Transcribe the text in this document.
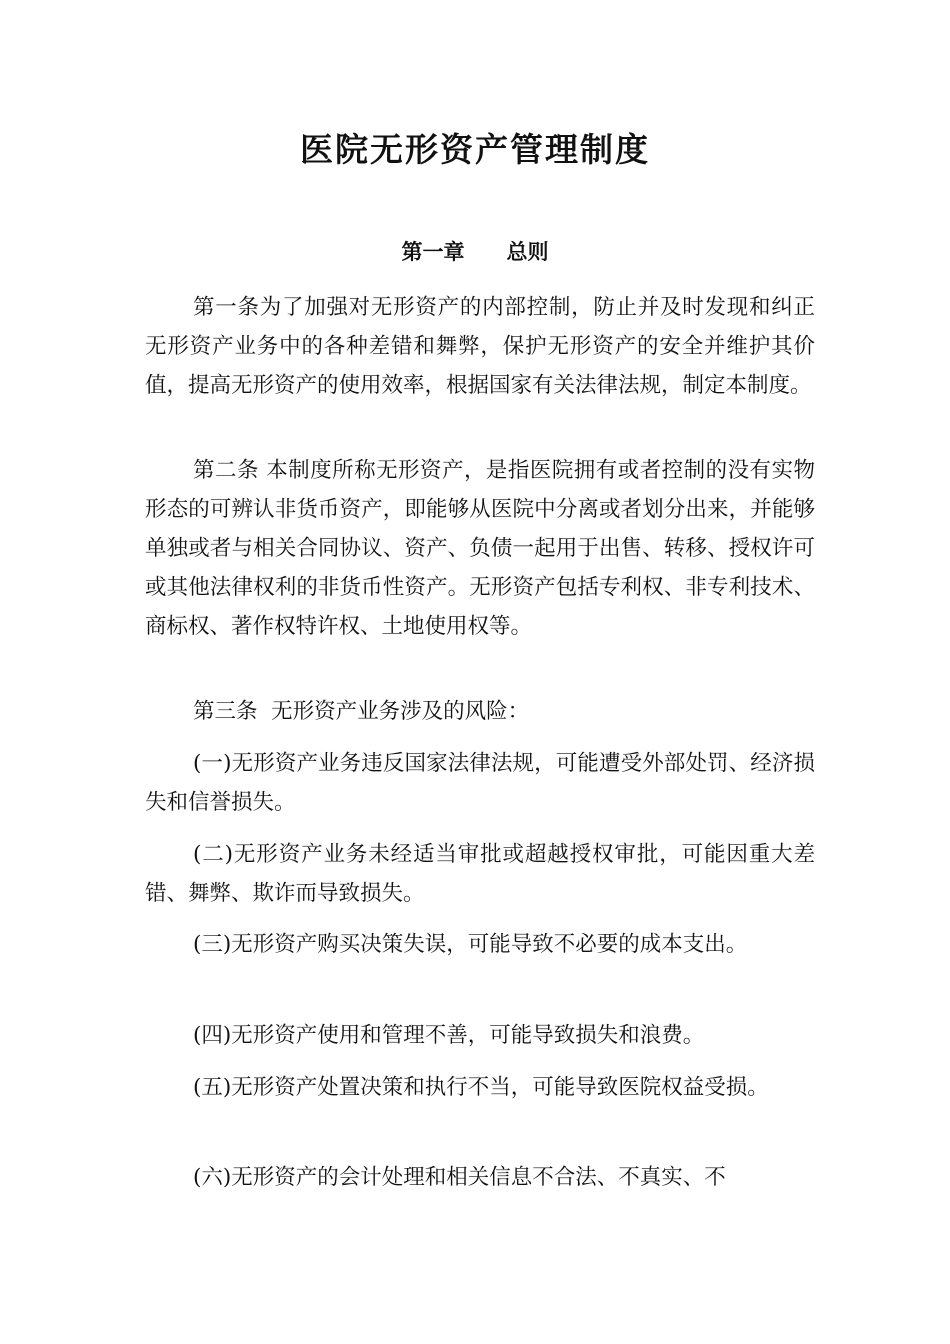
医院无形资产管理制度
第一章　　总则

第一条为了加强对无形资产的内部控制，防止并及时发现和纠正无形资产业务中的各种差错和舞弊，保护无形资产的安全并维护其价值，提高无形资产的使用效率，根据国家有关法律法规，制定本制度。

第二条 本制度所称无形资产，是指医院拥有或者控制的没有实物形态的可辨认非货币资产，即能够从医院中分离或者划分出来，并能够单独或者与相关合同协议、资产、负债一起用于出售、转移、授权许可或其他法律权利的非货币性资产。无形资产包括专利权、非专利技术、商标权、著作权特许权、土地使用权等。

第三条  无形资产业务涉及的风险：

(一)无形资产业务违反国家法律法规，可能遭受外部处罚、经济损失和信誉损失。

(二)无形资产业务未经适当审批或超越授权审批，可能因重大差错、舞弊、欺诈而导致损失。

(三)无形资产购买决策失误，可能导致不必要的成本支出。

(四)无形资产使用和管理不善，可能导致损失和浪费。

(五)无形资产处置决策和执行不当，可能导致医院权益受损。

(六)无形资产的会计处理和相关信息不合法、不真实、不
